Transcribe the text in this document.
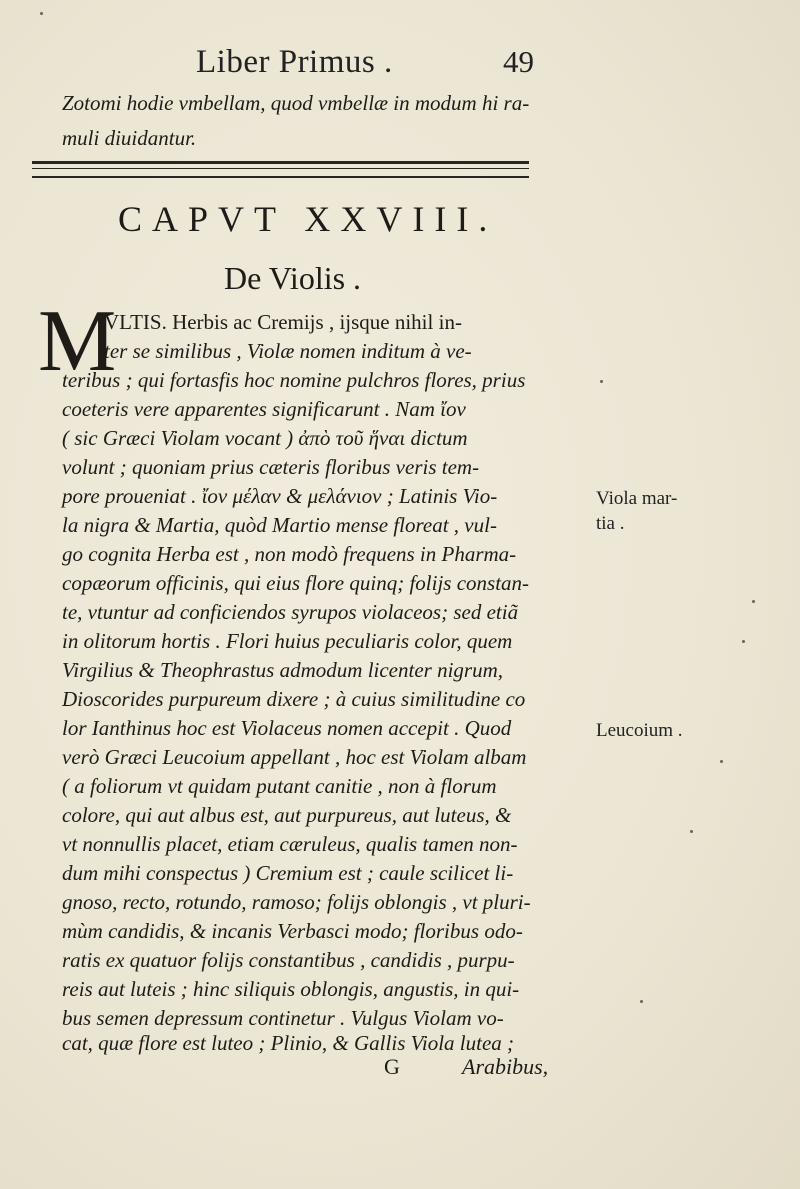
Liber Primus .	49
Zotomi hodie vmbellam, quod vmbellæ in modum hi ra-
muli diuidantur.
CAPVT XXVIII.
De Violis .
M
VLTIS. Herbis ac Cremijs , ijsque nihil in-
ter se similibus , Violæ nomen inditum à ve-
teribus ; qui fortasfis hoc nomine pulchros flores, prius
coeteris vere apparentes significarunt . Nam ἴον
( sic Græci Violam vocant ) ἀπὸ τοῦ ἥναι dictum
volunt ; quoniam prius cæteris floribus veris tem-
pore proueniat . ἴον μέλαν & μελάνιον ; Latinis Vio-
la nigra & Martia, quòd Martio mense floreat , vul-
go cognita Herba est , non modò frequens in Pharma-
copæorum officinis, qui eius flore quinq; folijs constan-
te, vtuntur ad conficiendos syrupos violaceos; sed etiã
in olitorum hortis . Flori huius peculiaris color, quem
Virgilius & Theophrastus admodum licenter nigrum,
Dioscorides purpureum dixere ; à cuius similitudine co
lor Ianthinus hoc est Violaceus nomen accepit . Quod
verò Græci Leucoium appellant , hoc est Violam albam
( a foliorum vt quidam putant canitie , non à florum
colore, qui aut albus est, aut purpureus, aut luteus, &
vt nonnullis placet, etiam cæruleus, qualis tamen non-
dum mihi conspectus ) Cremium est ; caule scilicet li-
gnoso, recto, rotundo, ramoso; folijs oblongis , vt pluri-
mùm candidis, & incanis Verbasci modo; floribus odo-
ratis ex quatuor folijs constantibus , candidis , purpu-
reis aut luteis ; hinc siliquis oblongis, angustis, in qui-
bus semen depressum continetur . Vulgus Violam vo-
cat, quæ flore est luteo ; Plinio, & Gallis Viola lutea ;
Viola mar-
tia .
Leucoium .
G	Arabibus,
